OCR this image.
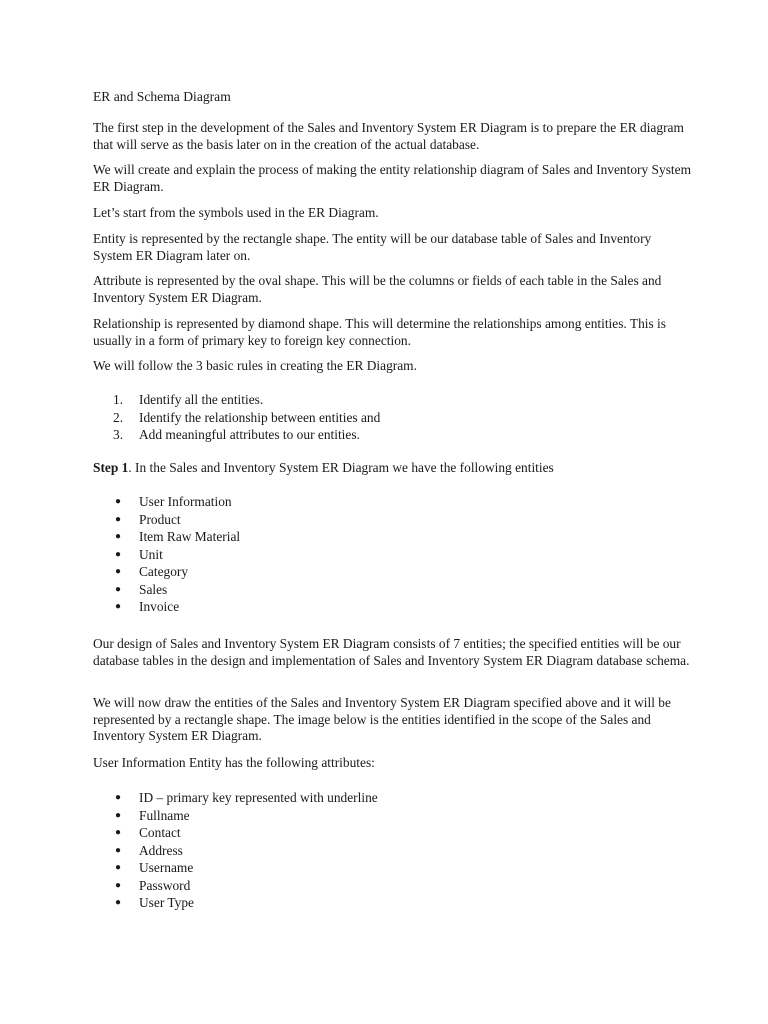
ER and Schema Diagram

The first step in the development of the Sales and Inventory System ER Diagram is to prepare the ER diagram that will serve as the basis later on in the creation of the actual database.

We will create and explain the process of making the entity relationship diagram of Sales and Inventory System ER Diagram.

Let’s start from the symbols used in the ER Diagram.

Entity is represented by the rectangle shape. The entity will be our database table of Sales and Inventory System ER Diagram later on.

Attribute is represented by the oval shape. This will be the columns or fields of each table in the Sales and Inventory System ER Diagram.

Relationship is represented by diamond shape. This will determine the relationships among entities. This is usually in a form of primary key to foreign key connection.

We will follow the 3 basic rules in creating the ER Diagram.

1.	Identify all the entities.
2.	Identify the relationship between entities and
3.	Add meaningful attributes to our entities.

Step 1. In the Sales and Inventory System ER Diagram we have the following entities

●	User Information
●	Product
●	Item Raw Material
●	Unit
●	Category
●	Sales
●	Invoice

Our design of Sales and Inventory System ER Diagram consists of 7 entities; the specified entities will be our database tables in the design and implementation of Sales and Inventory System ER Diagram database schema.

We will now draw the entities of the Sales and Inventory System ER Diagram specified above and it will be represented by a rectangle shape. The image below is the entities identified in the scope of the Sales and Inventory System ER Diagram.

User Information Entity has the following attributes:

●	ID – primary key represented with underline
●	Fullname
●	Contact
●	Address
●	Username
●	Password
●	User Type
